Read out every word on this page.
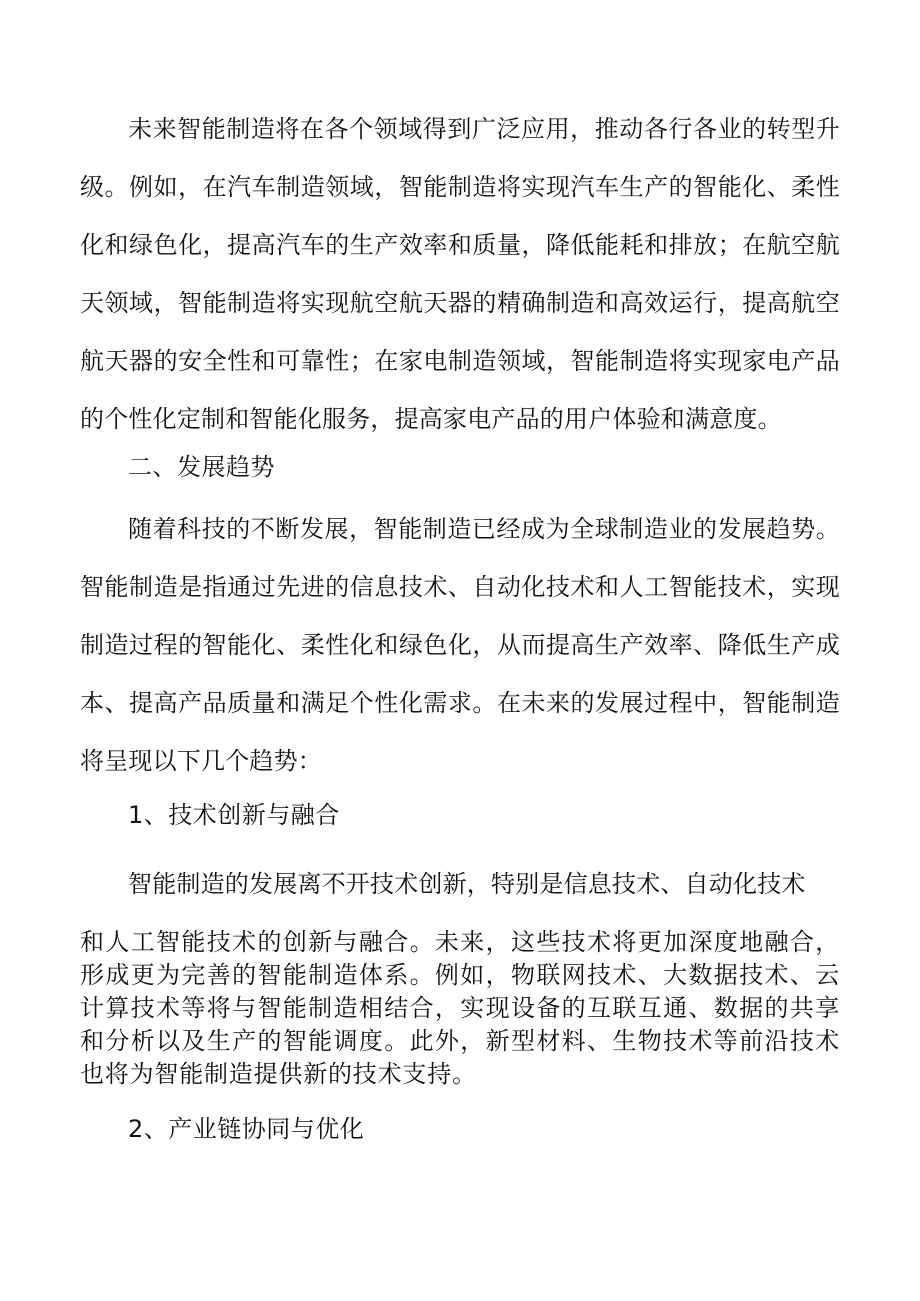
未来智能制造将在各个领域得到广泛应用，推动各行各业的转型升级。例如，在汽车制造领域，智能制造将实现汽车生产的智能化、柔性化和绿色化，提高汽车的生产效率和质量，降低能耗和排放；在航空航天领域，智能制造将实现航空航天器的精确制造和高效运行，提高航空航天器的安全性和可靠性；在家电制造领域，智能制造将实现家电产品的个性化定制和智能化服务，提高家电产品的用户体验和满意度。

二、发展趋势

随着科技的不断发展，智能制造已经成为全球制造业的发展趋势。智能制造是指通过先进的信息技术、自动化技术和人工智能技术，实现制造过程的智能化、柔性化和绿色化，从而提高生产效率、降低生产成本、提高产品质量和满足个性化需求。在未来的发展过程中，智能制造将呈现以下几个趋势：

1、技术创新与融合

智能制造的发展离不开技术创新，特别是信息技术、自动化技术

和人工智能技术的创新与融合。未来，这些技术将更加深度地融合，形成更为完善的智能制造体系。例如，物联网技术、大数据技术、云计算技术等将与智能制造相结合，实现设备的互联互通、数据的共享和分析以及生产的智能调度。此外，新型材料、生物技术等前沿技术也将为智能制造提供新的技术支持。

2、产业链协同与优化
